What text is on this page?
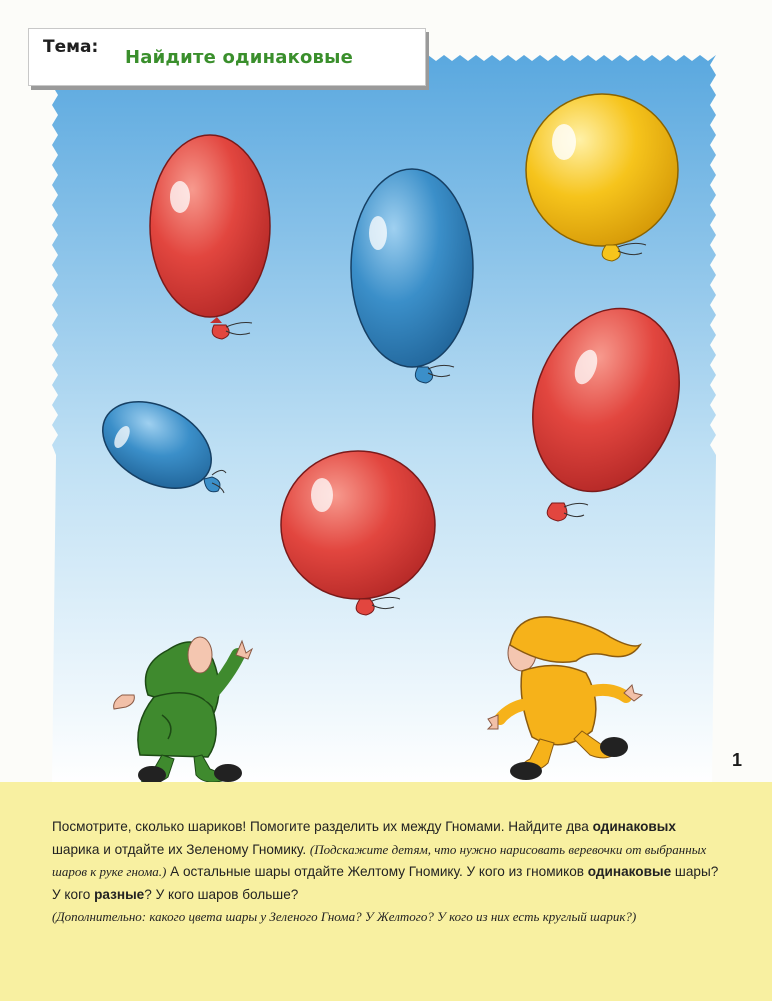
Тема: Найдите одинаковые
1
Посмотрите, сколько шариков! Помогите разделить их между Гномами. Найдите два одинаковых шарика и отдайте их Зеленому Гномику. (Подскажите детям, что нужно нарисовать веревочки от выбранных шаров к руке гнома.) А остальные шары отдайте Желтому Гномику. У кого из гномиков одинаковые шары? У кого разные? У кого шаров больше?
(Дополнительно: какого цвета шары у Зеленого Гнома? У Желтого? У кого из них есть круглый шарик?)
